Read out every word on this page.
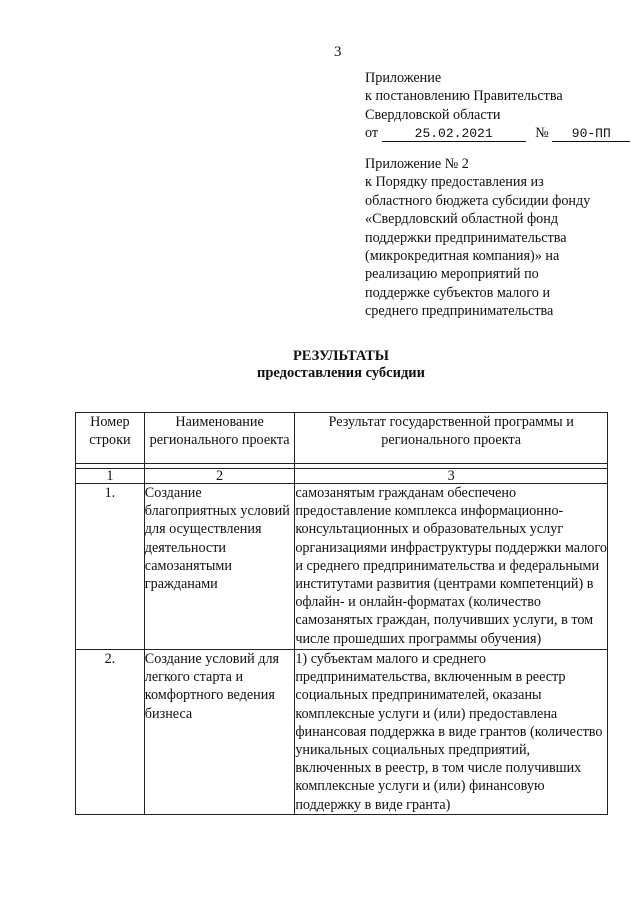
3
Приложение
к постановлению Правительства
Свердловской области
от	25.02.2021	№ 90-ПП
Приложение № 2
к Порядку предоставления из
областного бюджета субсидии фонду
«Свердловский областной фонд
поддержки предпринимательства
(микрокредитная компания)» на
реализацию мероприятий по
поддержке субъектов малого и
среднего предпринимательства
РЕЗУЛЬТАТЫ
предоставления субсидии
Номер строки	Наименование регионального проекта	Результат государственной программы и регионального проекта

1	2	3
1.	Создание благоприятных условий для осуществления деятельности самозанятыми гражданами	самозанятым гражданам обеспечено предоставление комплекса информационно-консультационных и образовательных услуг организациями инфраструктуры поддержки малого и среднего предпринимательства и федеральными институтами развития (центрами компетенций) в офлайн- и онлайн-форматах (количество самозанятых граждан, получивших услуги, в том числе прошедших программы обучения)
2.	Создание условий для легкого старта и комфортного ведения бизнеса	1) субъектам малого и среднего предпринимательства, включенным в реестр социальных предпринимателей, оказаны комплексные услуги и (или) предоставлена финансовая поддержка в виде грантов (количество уникальных социальных предприятий, включенных в реестр, в том числе получивших комплексные услуги и (или) финансовую поддержку в виде гранта)
